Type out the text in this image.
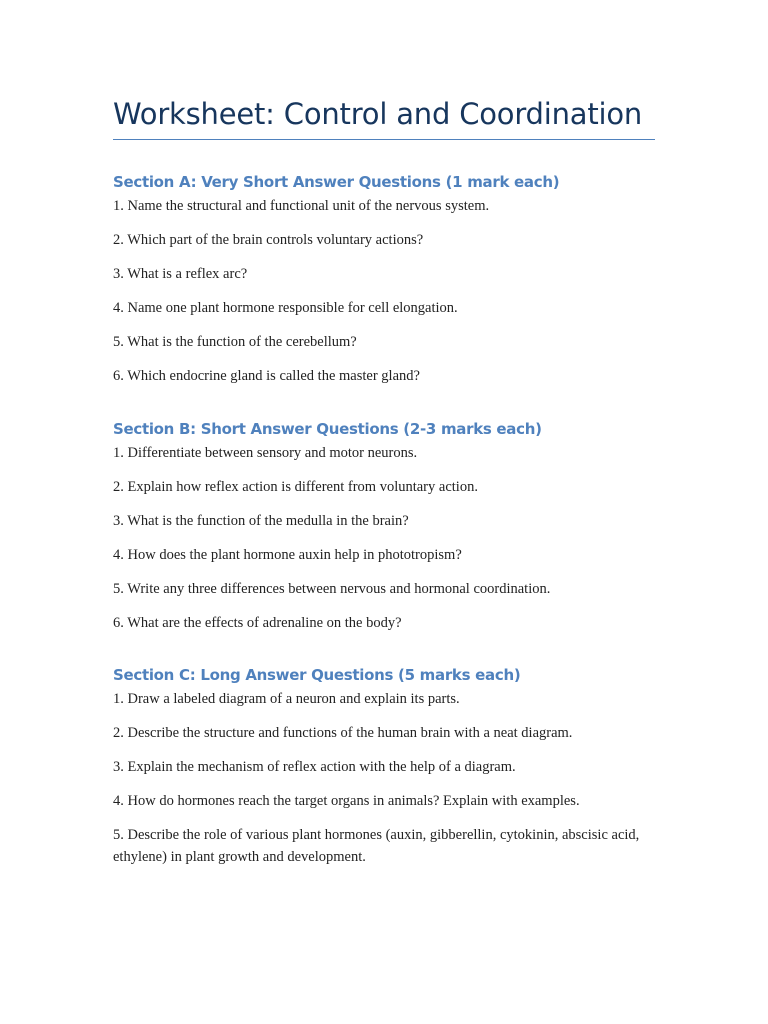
Worksheet: Control and Coordination
Section A: Very Short Answer Questions (1 mark each)

1. Name the structural and functional unit of the nervous system.

2. Which part of the brain controls voluntary actions?

3. What is a reflex arc?

4. Name one plant hormone responsible for cell elongation.

5. What is the function of the cerebellum?

6. Which endocrine gland is called the master gland?

Section B: Short Answer Questions (2-3 marks each)

1. Differentiate between sensory and motor neurons.

2. Explain how reflex action is different from voluntary action.

3. What is the function of the medulla in the brain?

4. How does the plant hormone auxin help in phototropism?

5. Write any three differences between nervous and hormonal coordination.

6. What are the effects of adrenaline on the body?

Section C: Long Answer Questions (5 marks each)

1. Draw a labeled diagram of a neuron and explain its parts.

2. Describe the structure and functions of the human brain with a neat diagram.

3. Explain the mechanism of reflex action with the help of a diagram.

4. How do hormones reach the target organs in animals? Explain with examples.

5. Describe the role of various plant hormones (auxin, gibberellin, cytokinin, abscisic acid, ethylene) in plant growth and development.
